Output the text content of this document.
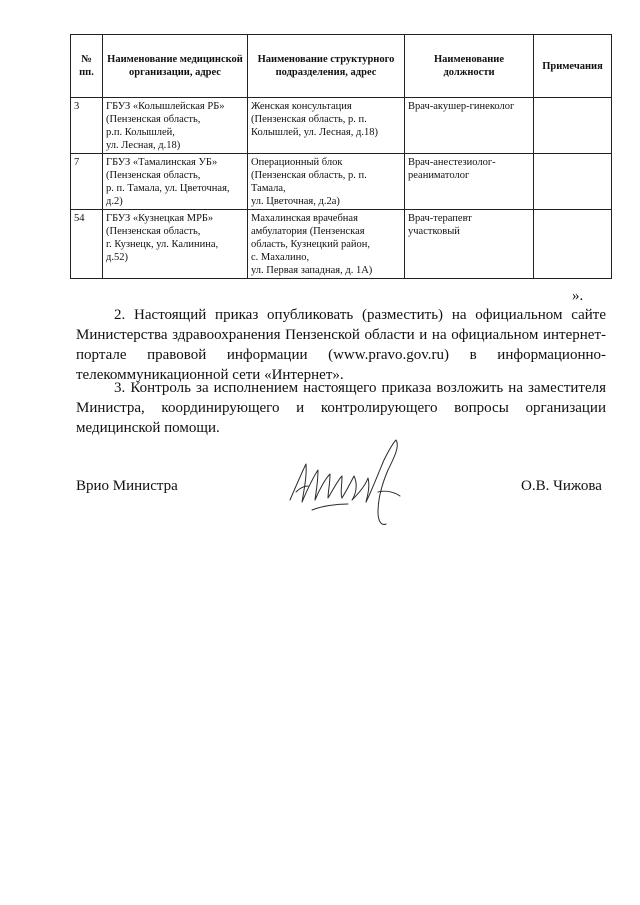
№ пп.	Наименование медицинской организации, адрес	Наименование структурного подразделения, адрес	Наименование должности	Примечания
3	ГБУЗ «Колышлейская РБ»
(Пензенская область,
р.п. Колышлей,
ул. Лесная, д.18)	Женская консультация
(Пензенская область, р. п.
Колышлей, ул. Лесная, д.18)	Врач-акушер-гинеколог	
7	ГБУЗ «Тамалинская УБ»
(Пензенская область,
р. п. Тамала, ул. Цветочная,
д.2)	Операционный блок
(Пензенская область, р. п.
Тамала,
ул. Цветочная, д.2а)	Врач-анестезиолог-
реаниматолог	
54	ГБУЗ «Кузнецкая МРБ»
(Пензенская область,
г. Кузнецк, ул. Калинина,
д.52)	Махалинская врачебная
амбулатория (Пензенская
область, Кузнецкий район,
с. Махалино,
ул. Первая западная, д. 1А)	Врач-терапевт
участковый	
».

2. Настоящий приказ опубликовать (разместить) на официальном сайте Министерства здравоохранения Пензенской области и на официальном интернет-портале правовой информации (www.pravo.gov.ru) в информационно-телекоммуникационной сети «Интернет».

3. Контроль за исполнением настоящего приказа возложить на заместителя Министра, координирующего и контролирующего вопросы организации медицинской помощи.

Врио Министра	О.В. Чижова
